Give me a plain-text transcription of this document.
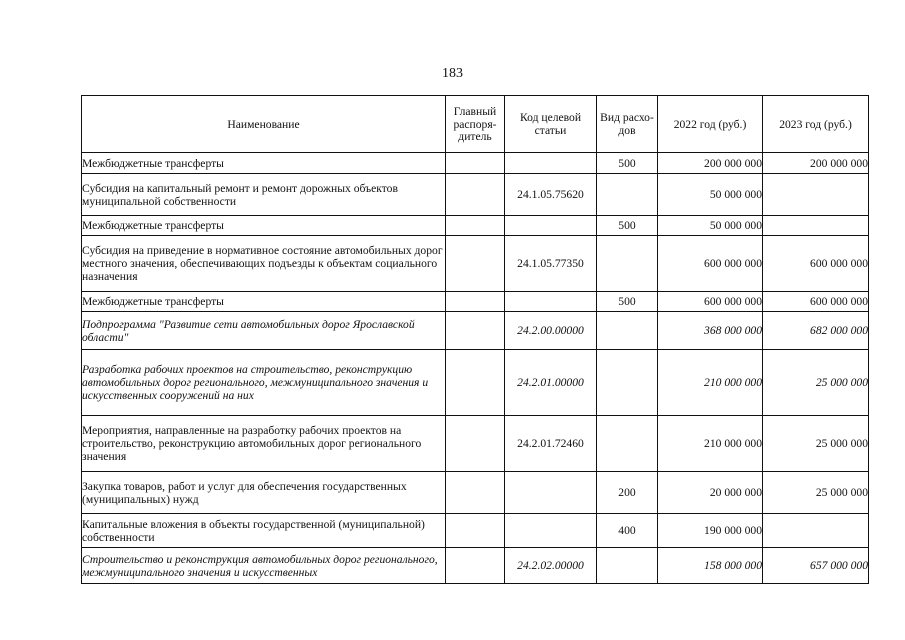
183
Наименование	Главный распоря-дитель	Код целевой статьи	Вид расхо-дов	2022 год (руб.)	2023 год (руб.)
Межбюджетные трансферты			500	200 000 000	200 000 000
Субсидия на капитальный ремонт и ремонт дорожных объектов муниципальной собственности		24.1.05.75620		50 000 000	
Межбюджетные трансферты			500	50 000 000	
Субсидия на приведение в нормативное состояние автомобильных дорог местного значения, обеспечивающих подъезды к объектам социального назначения		24.1.05.77350		600 000 000	600 000 000
Межбюджетные трансферты			500	600 000 000	600 000 000
Подпрограмма "Развитие сети автомобильных дорог Ярославской области"		24.2.00.00000		368 000 000	682 000 000
Разработка рабочих проектов на строительство, реконструкцию автомобильных дорог регионального, межмуниципального значения и искусственных сооружений на них		24.2.01.00000		210 000 000	25 000 000
Мероприятия, направленные на разработку рабочих проектов на строительство, реконструкцию автомобильных дорог регионального значения		24.2.01.72460		210 000 000	25 000 000
Закупка товаров, работ и услуг для обеспечения государственных (муниципальных) нужд			200	20 000 000	25 000 000
Капитальные вложения в объекты государственной (муниципальной) собственности			400	190 000 000	
Строительство и реконструкция автомобильных дорог регионального, межмуниципального значения и искусственных		24.2.02.00000		158 000 000	657 000 000
